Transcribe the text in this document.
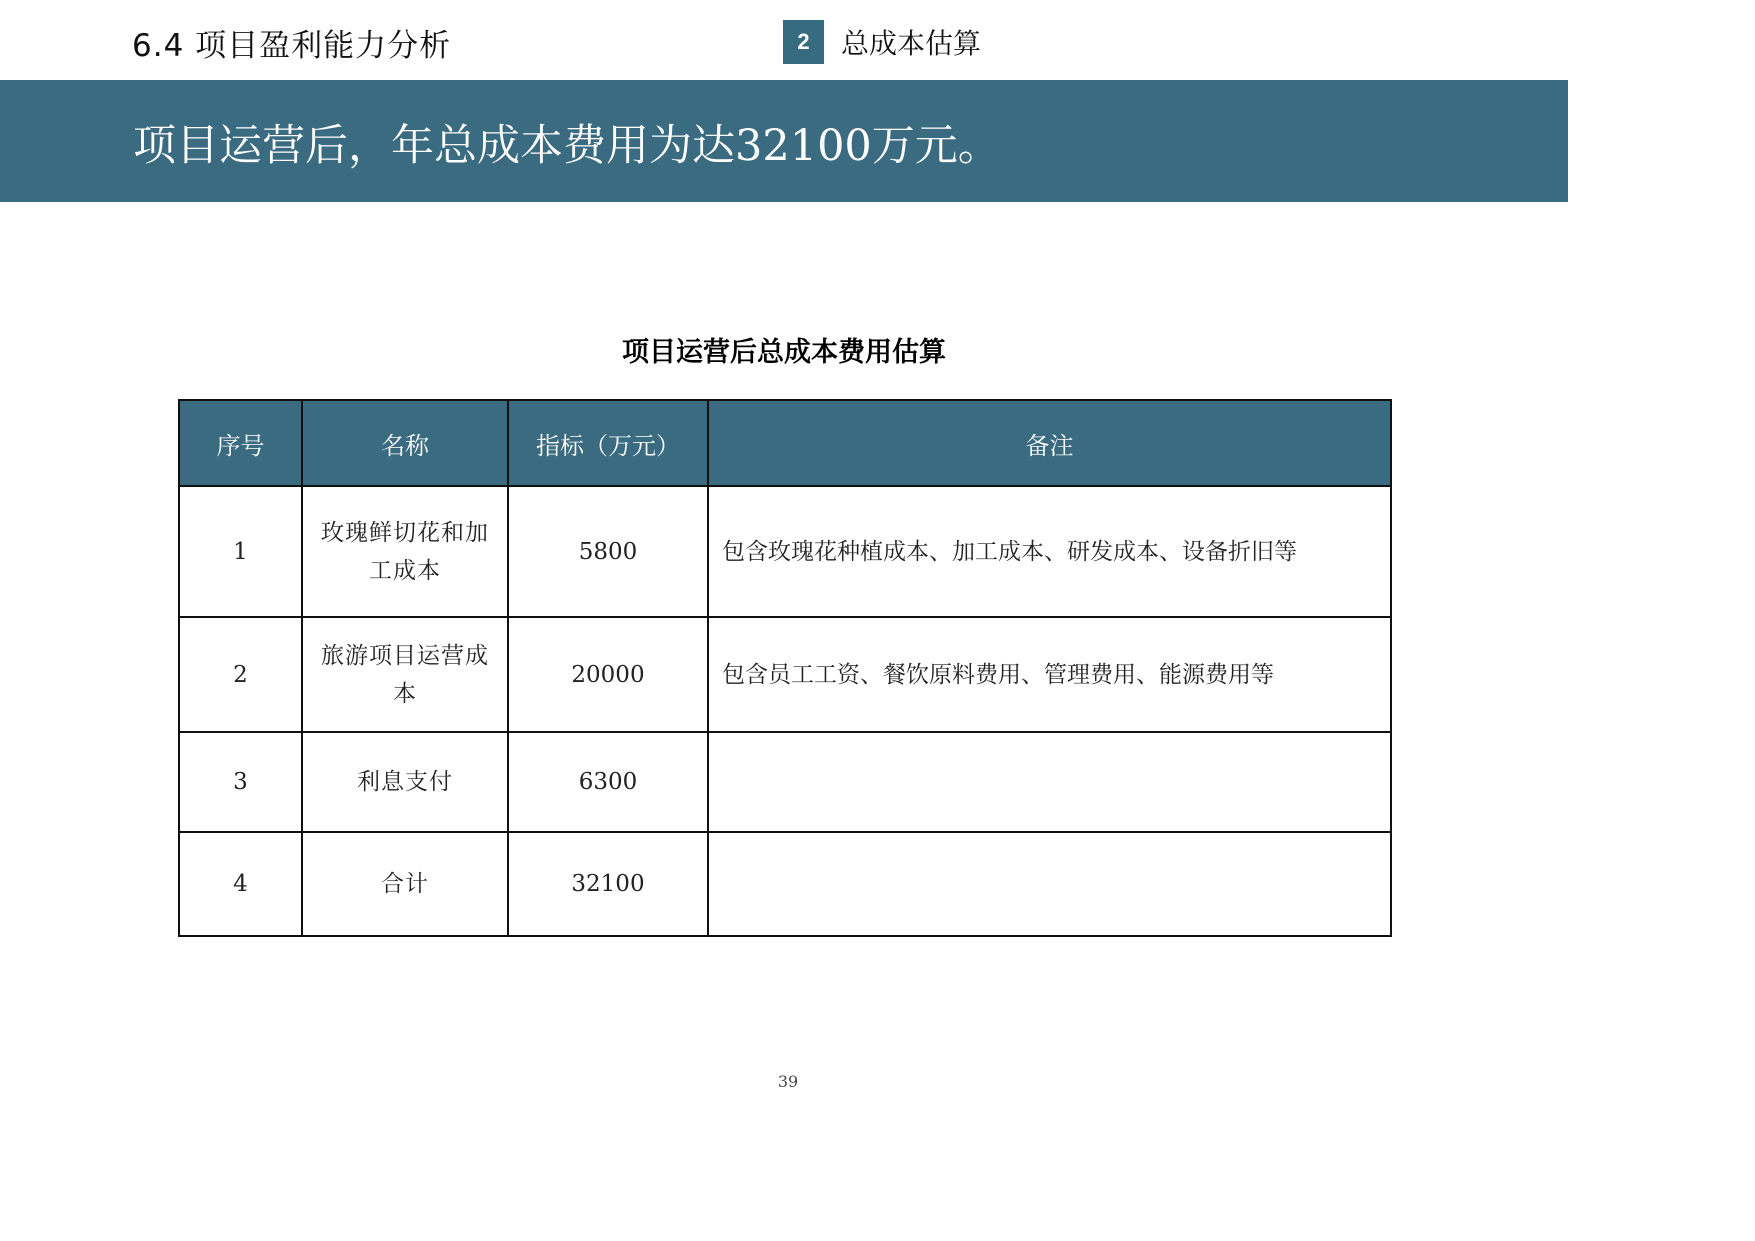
6.4 项目盈利能力分析	2	总成本估算
项目运营后，年总成本费用为达32100万元。
项目运营后总成本费用估算
序号	名称	指标（万元）	备注
1	玫瑰鲜切花和加工成本	5800	包含玫瑰花种植成本、加工成本、研发成本、设备折旧等
2	旅游项目运营成本	20000	包含员工工资、餐饮原料费用、管理费用、能源费用等
3	利息支付	6300	
4	合计	32100	
39
